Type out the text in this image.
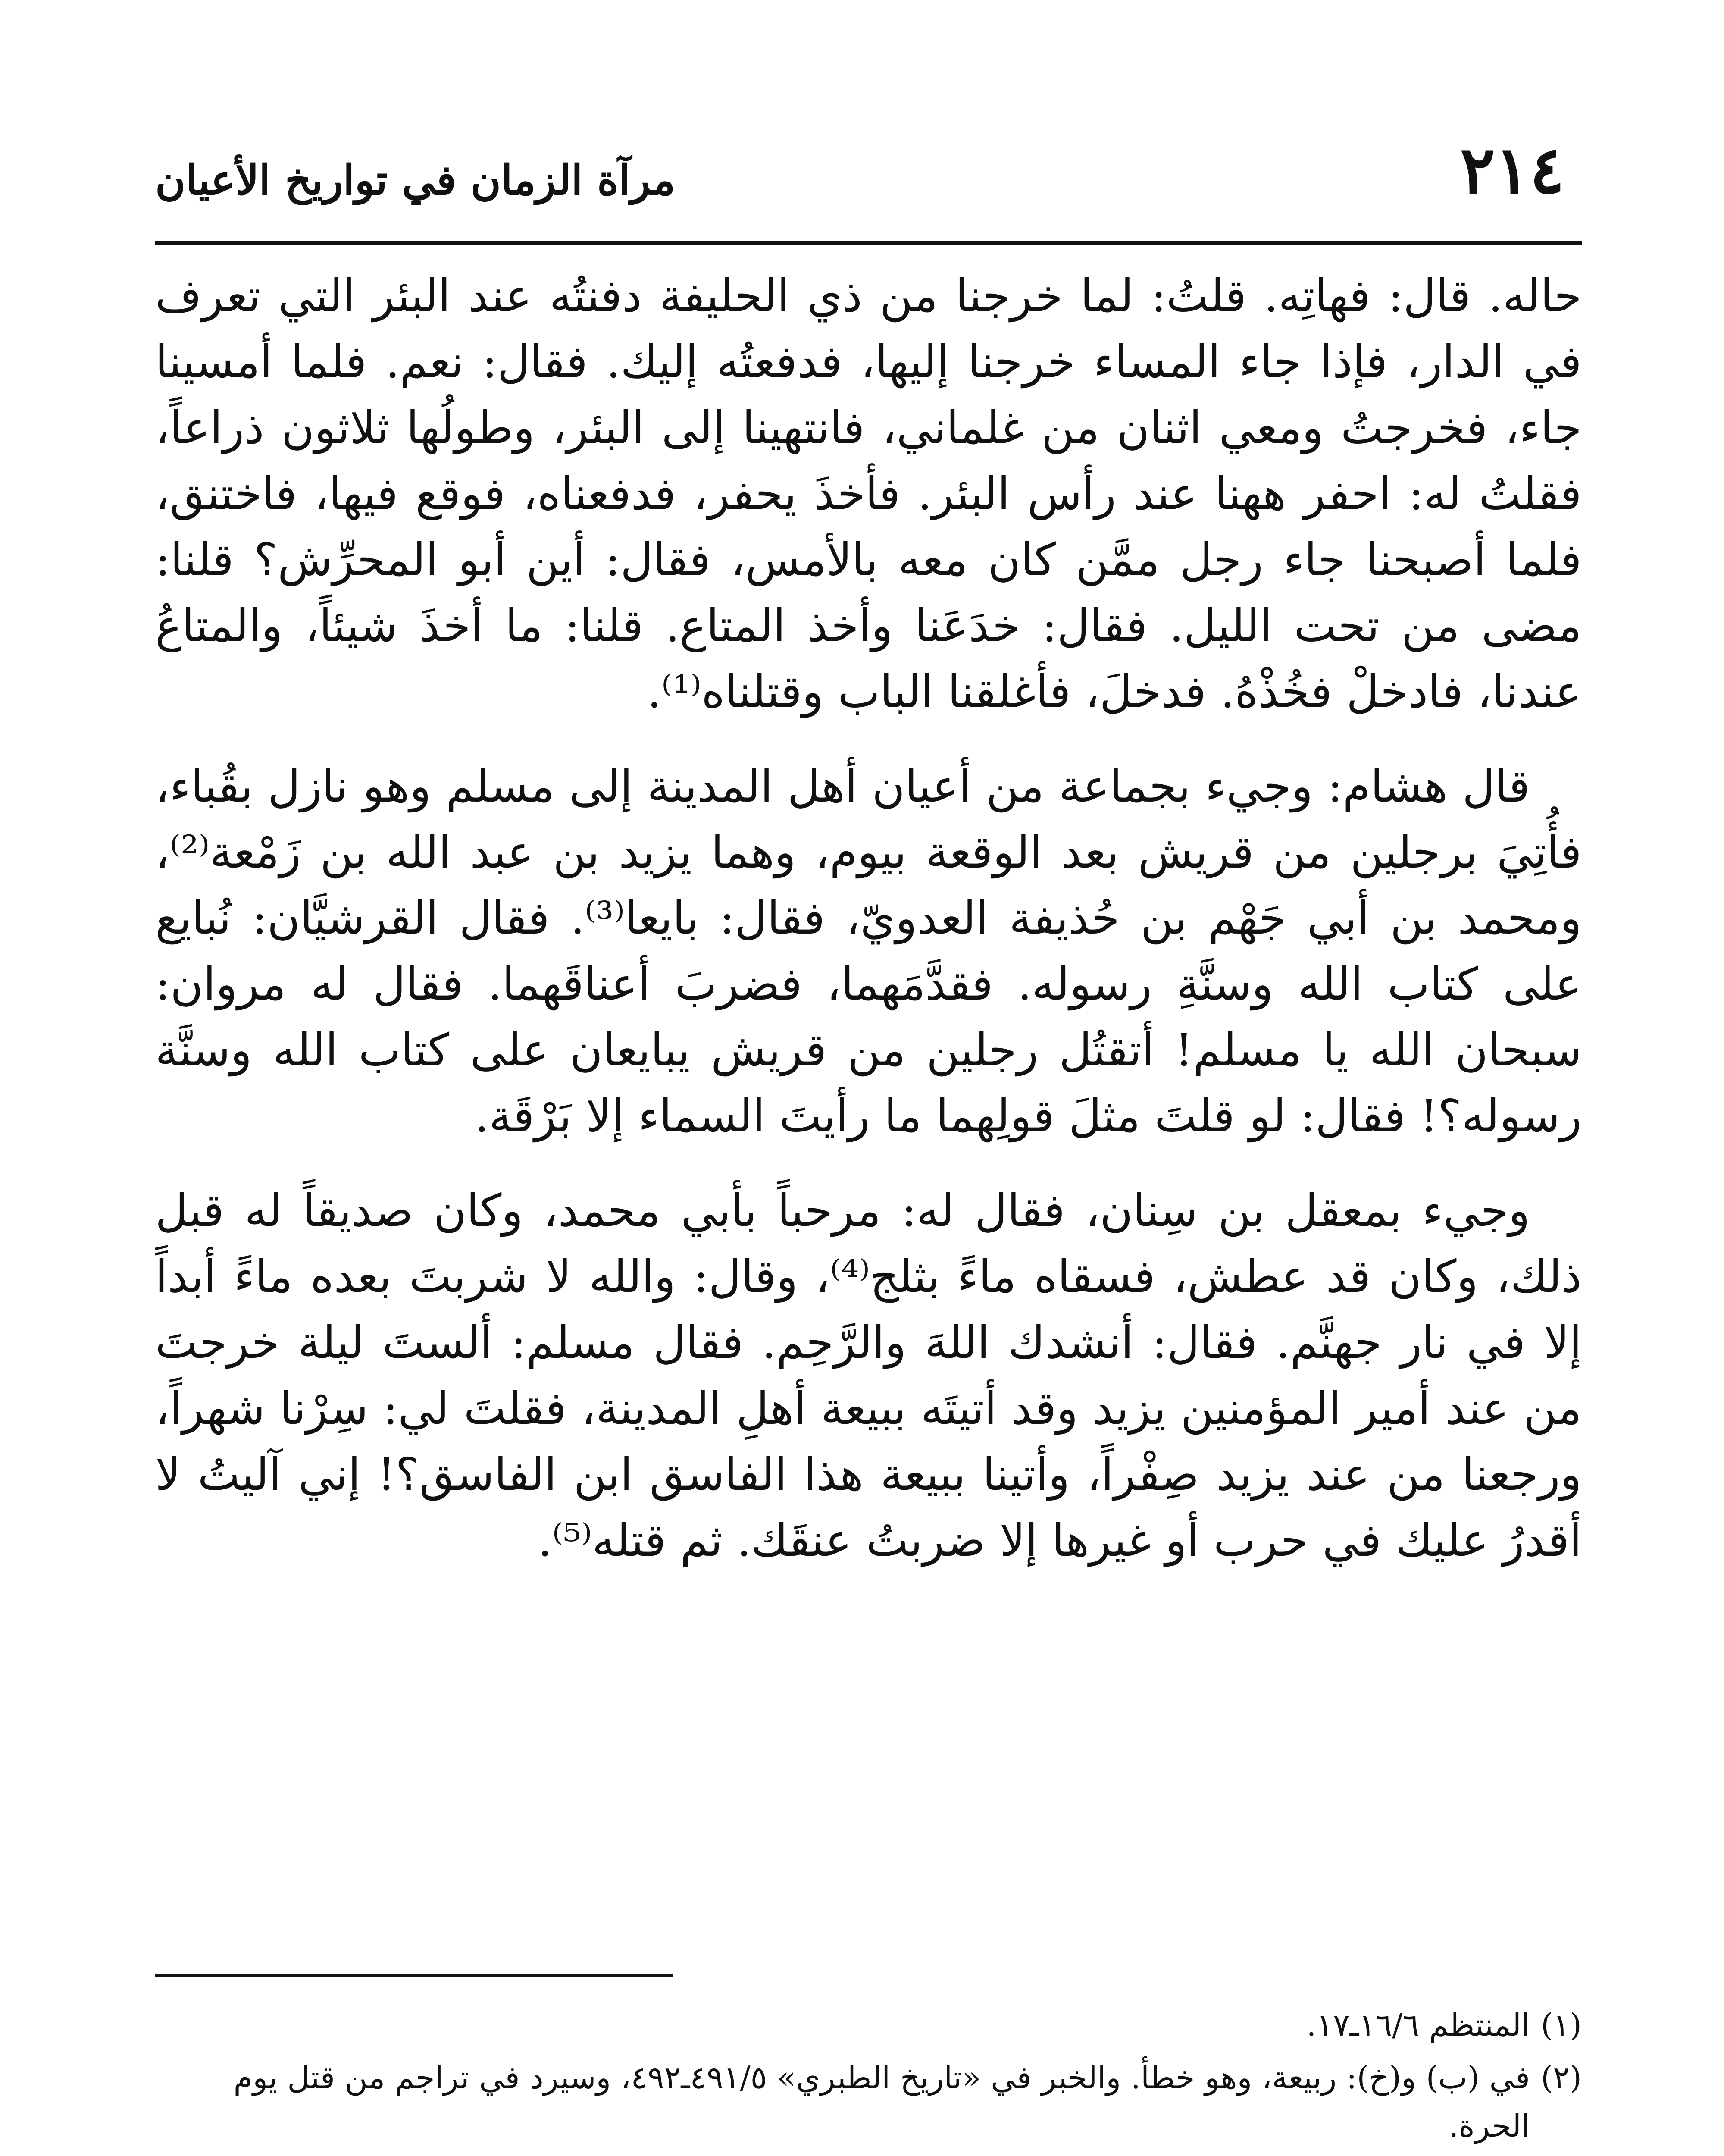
٢١٤
مرآة الزمان في تواريخ الأعيان

حاله. قال: فهاتِه. قلتُ: لما خرجنا من ذي الحليفة دفنتُه عند البئر التي تعرف في الدار، فإذا جاء المساء خرجنا إليها، فدفعتُه إليك. فقال: نعم. فلما أمسينا جاء، فخرجتُ ومعي اثنان من غلماني، فانتهينا إلى البئر، وطولُها ثلاثون ذراعاً، فقلتُ له: احفر ههنا عند رأس البئر. فأخذَ يحفر، فدفعناه، فوقع فيها، فاختنق، فلما أصبحنا جاء رجل ممَّن كان معه بالأمس، فقال: أين أبو المحرِّش؟ قلنا: مضى من تحت الليل. فقال: خدَعَنا وأخذ المتاع. قلنا: ما أخذَ شيئاً، والمتاعُ عندنا، فادخلْ فخُذْهُ. فدخلَ، فأغلقنا الباب وقتلناه⁽¹⁾.

قال هشام: وجيء بجماعة من أعيان أهل المدينة إلى مسلم وهو نازل بقُباء، فأُتِيَ برجلين من قريش بعد الوقعة بيوم، وهما يزيد بن عبد الله بن زَمْعة⁽²⁾، ومحمد بن أبي جَهْم بن حُذيفة العدويّ، فقال: بايعا⁽³⁾. فقال القرشيَّان: نُبايع على كتاب الله وسنَّةِ رسوله. فقدَّمَهما، فضربَ أعناقَهما. فقال له مروان: سبحان الله يا مسلم! أتقتُل رجلين من قريش يبايعان على كتاب الله وسنَّة رسوله؟! فقال: لو قلتَ مثلَ قولِهما ما رأيتَ السماء إلا بَرْقَة.

وجيء بمعقل بن سِنان، فقال له: مرحباً بأبي محمد، وكان صديقاً له قبل ذلك، وكان قد عطش، فسقاه ماءً بثلج⁽⁴⁾، وقال: والله لا شربتَ بعده ماءً أبداً إلا في نار جهنَّم. فقال: أنشدك اللهَ والرَّحِم. فقال مسلم: ألستَ ليلة خرجتَ من عند أمير المؤمنين يزيد وقد أتيتَه ببيعة أهلِ المدينة، فقلتَ لي: سِرْنا شهراً، ورجعنا من عند يزيد صِفْراً، وأتينا ببيعة هذا الفاسق ابن الفاسق؟! إني آليتُ لا أقدرُ عليك في حرب أو غيرها إلا ضربتُ عنقَك. ثم قتله⁽⁵⁾.

(١)المنتظم ١٦/٦ـ١٧.

(٢)في (ب) و(خ): ربيعة، وهو خطأ. والخبر في «تاريخ الطبري» ٤٩١/٥ـ٤٩٢، وسيرد في تراجم من قتل يوم الحرة.
